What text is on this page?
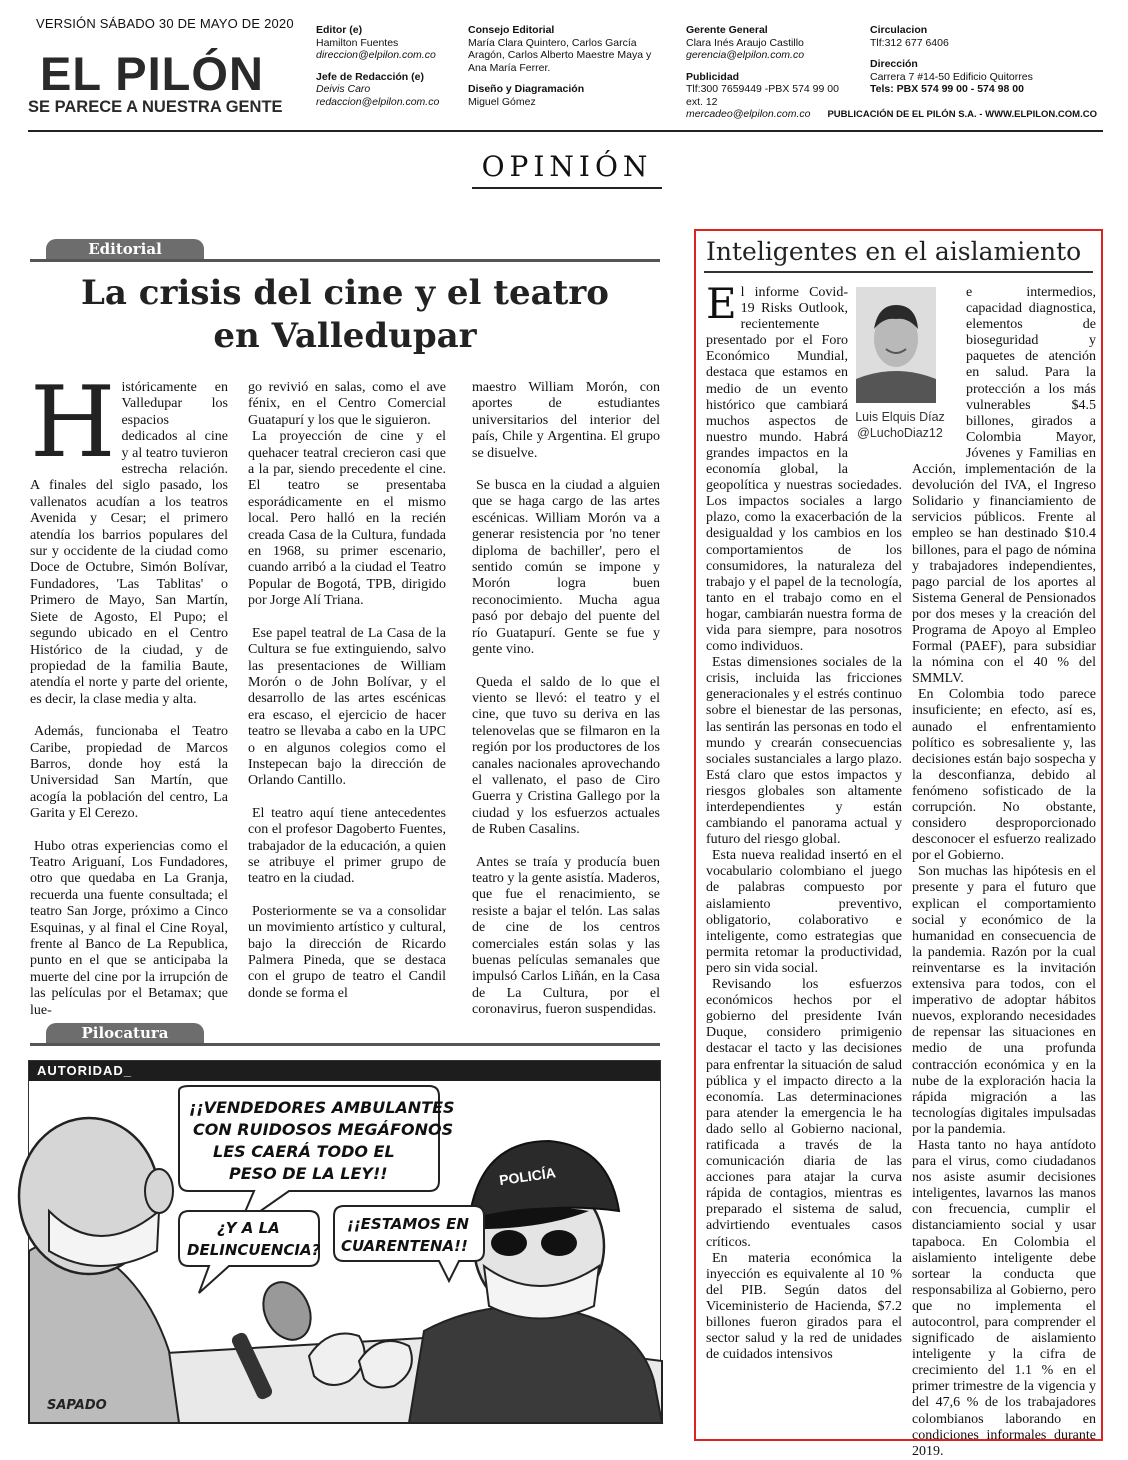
VERSIÓN SÁBADO 30 DE MAYO DE 2020
EL PILÓN
SE PARECE A NUESTRA GENTE
Editor (e)
Hamilton Fuentes
direccion@elpilon.com.co
Jefe de Redacción (e)
Deivis Caro
redaccion@elpilon.com.co
Consejo Editorial
María Clara Quintero, Carlos García Aragón, Carlos Alberto Maestre Maya y Ana María Ferrer.
Diseño y Diagramación
Miguel Gómez
Gerente General
Clara Inés Araujo Castillo
gerencia@elpilon.com.co
Publicidad
Tlf:300 7659449 -PBX 574 99 00
ext. 12
mercadeo@elpilon.com.co
Circulacion
Tlf:312 677 6406
Dirección
Carrera 7 #14-50 Edificio Quitorres
Tels: PBX 574 99 00 - 574 98 00
PUBLICACIÓN DE EL PILÓN S.A. - WWW.ELPILON.COM.CO
OPINIÓN
Editorial
La crisis del cine y el teatro
en Valledupar

Históricamente en Valledupar los espacios dedicados al cine y al teatro tuvieron estrecha relación. A finales del siglo pasado, los vallenatos acudían a los teatros Avenida y Cesar; el primero atendía los barrios populares del sur y occidente de la ciudad como Doce de Octubre, Simón Bolívar, Fundadores, 'Las Tablitas' o Primero de Mayo, San Martín, Siete de Agosto, El Pupo; el segundo ubicado en el Centro Histórico de la ciudad, y de propiedad de la familia Baute, atendía el norte y parte del oriente, es decir, la clase media y alta.

Además, funcionaba el Teatro Caribe, propiedad de Marcos Barros, donde hoy está la Universidad San Martín, que acogía la población del centro, La Garita y El Cerezo.

Hubo otras experiencias como el Teatro Ariguaní, Los Fundadores, otro que quedaba en La Granja, recuerda una fuente consultada; el teatro San Jorge, próximo a Cinco Esquinas, y al final el Cine Royal, frente al Banco de La Republica, punto en el que se anticipaba la muerte del cine por la irrupción de las películas por el Betamax; que lue-

go revivió en salas, como el ave fénix, en el Centro Comercial Guatapurí y los que le siguieron.

La proyección de cine y el quehacer teatral crecieron casi que a la par, siendo precedente el cine. El teatro se presentaba esporádicamente en el mismo local. Pero halló en la recién creada Casa de la Cultura, fundada en 1968, su primer escenario, cuando arribó a la ciudad el Teatro Popular de Bogotá, TPB, dirigido por Jorge Alí Triana.

Ese papel teatral de La Casa de la Cultura se fue extinguiendo, salvo las presentaciones de William Morón o de John Bolívar, y el desarrollo de las artes escénicas era escaso, el ejercicio de hacer teatro se llevaba a cabo en la UPC o en algunos colegios como el Instepecan bajo la dirección de Orlando Cantillo.

El teatro aquí tiene antecedentes con el profesor Dagoberto Fuentes, trabajador de la educación, a quien se atribuye el primer grupo de teatro en la ciudad.

Posteriormente se va a consolidar un movimiento artístico y cultural, bajo la dirección de Ricardo Palmera Pineda, que se destaca con el grupo de teatro el Candil donde se forma el

maestro William Morón, con aportes de estudiantes universitarios del interior del país, Chile y Argentina. El grupo se disuelve.

Se busca en la ciudad a alguien que se haga cargo de las artes escénicas. William Morón va a generar resistencia por 'no tener diploma de bachiller', pero el sentido común se impone y Morón logra buen reconocimiento. Mucha agua pasó por debajo del puente del río Guatapurí. Gente se fue y gente vino.

Queda el saldo de lo que el viento se llevó: el teatro y el cine, que tuvo su deriva en las telenovelas que se filmaron en la región por los productores de los canales nacionales aprovechando el vallenato, el paso de Ciro Guerra y Cristina Gallego por la ciudad y los esfuerzos actuales de Ruben Casalins.

Antes se traía y producía buen teatro y la gente asistía. Maderos, que fue el renacimiento, se resiste a bajar el telón. Las salas de cine de los centros comerciales están solas y las buenas películas semanales que impulsó Carlos Liñán, en la Casa de La Cultura, por el coronavirus, fueron suspendidas.

Pilocatura
AUTORIDAD_
POLICÍA
¡¡VENDEDORES AMBULANTES CON RUIDOSOS MEGÁFONOS LES CAERÁ TODO EL PESO DE LA LEY!!
¿Y A LA DELINCUENCIA?
¡¡ESTAMOS EN CUARENTENA!!
SAPADO
Inteligentes en el aislamiento
Luis Elquis Díaz
@LuchoDiaz12

El informe Covid-19 Risks Outlook, recientemente presentado por el Foro Económico Mundial, destaca que estamos en medio de un evento histórico que cambiará muchos aspectos de nuestro mundo. Habrá grandes impactos en la economía global, la geopolítica y nuestras sociedades. Los impactos sociales a largo plazo, como la exacerbación de la desigualdad y los cambios en los comportamientos de los consumidores, la naturaleza del trabajo y el papel de la tecnología, tanto en el trabajo como en el hogar, cambiarán nuestra forma de vida para siempre, para nosotros como individuos.

Estas dimensiones sociales de la crisis, incluida las fricciones generacionales y el estrés continuo sobre el bienestar de las personas, las sentirán las personas en todo el mundo y crearán consecuencias sociales sustanciales a largo plazo. Está claro que estos impactos y riesgos globales son altamente interdependientes y están cambiando el panorama actual y futuro del riesgo global.

Esta nueva realidad insertó en el vocabulario colombiano el juego de palabras compuesto por aislamiento preventivo, obligatorio, colaborativo e inteligente, como estrategias que permita retomar la productividad, pero sin vida social.

Revisando los esfuerzos económicos hechos por el gobierno del presidente Iván Duque, considero primigenio destacar el tacto y las decisiones para enfrentar la situación de salud pública y el impacto directo a la economía. Las determinaciones para atender la emergencia le ha dado sello al Gobierno nacional, ratificada a través de la comunicación diaria de las acciones para atajar la curva rápida de contagios, mientras es preparado el sistema de salud, advirtiendo eventuales casos críticos.

En materia económica la inyección es equivalente al 10 % del PIB. Según datos del Viceministerio de Hacienda, $7.2 billones fueron girados para el sector salud y la red de unidades de cuidados intensivos

e intermedios, capacidad diagnostica, elementos de bioseguridad y paquetes de atención en salud. Para la protección a los más vulnerables $4.5 billones, girados a Colombia Mayor, Jóvenes y Familias en Acción, implementación de la devolución del IVA, el Ingreso Solidario y financiamiento de servicios públicos. Frente al empleo se han destinado $10.4 billones, para el pago de nómina y trabajadores independientes, pago parcial de los aportes al Sistema General de Pensionados por dos meses y la creación del Programa de Apoyo al Empleo Formal (PAEF), para subsidiar la nómina con el 40 % del SMMLV.

En Colombia todo parece insuficiente; en efecto, así es, aunado el enfrentamiento político es sobresaliente y, las decisiones están bajo sospecha y la desconfianza, debido al fenómeno sofisticado de la corrupción. No obstante, considero desproporcionado desconocer el esfuerzo realizado por el Gobierno.

Son muchas las hipótesis en el presente y para el futuro que explican el comportamiento social y económico de la humanidad en consecuencia de la pandemia. Razón por la cual reinventarse es la invitación extensiva para todos, con el imperativo de adoptar hábitos nuevos, explorando necesidades de repensar las situaciones en medio de una profunda contracción económica y en la nube de la exploración hacia la rápida migración a las tecnologías digitales impulsadas por la pandemia.

Hasta tanto no haya antídoto para el virus, como ciudadanos nos asiste asumir decisiones inteligentes, lavarnos las manos con frecuencia, cumplir el distanciamiento social y usar tapaboca. En Colombia el aislamiento inteligente debe sortear la conducta que responsabiliza al Gobierno, pero que no implementa el autocontrol, para comprender el significado de aislamiento inteligente y la cifra de crecimiento del 1.1 % en el primer trimestre de la vigencia y del 47,6 % de los trabajadores colombianos laborando en condiciones informales durante 2019.
